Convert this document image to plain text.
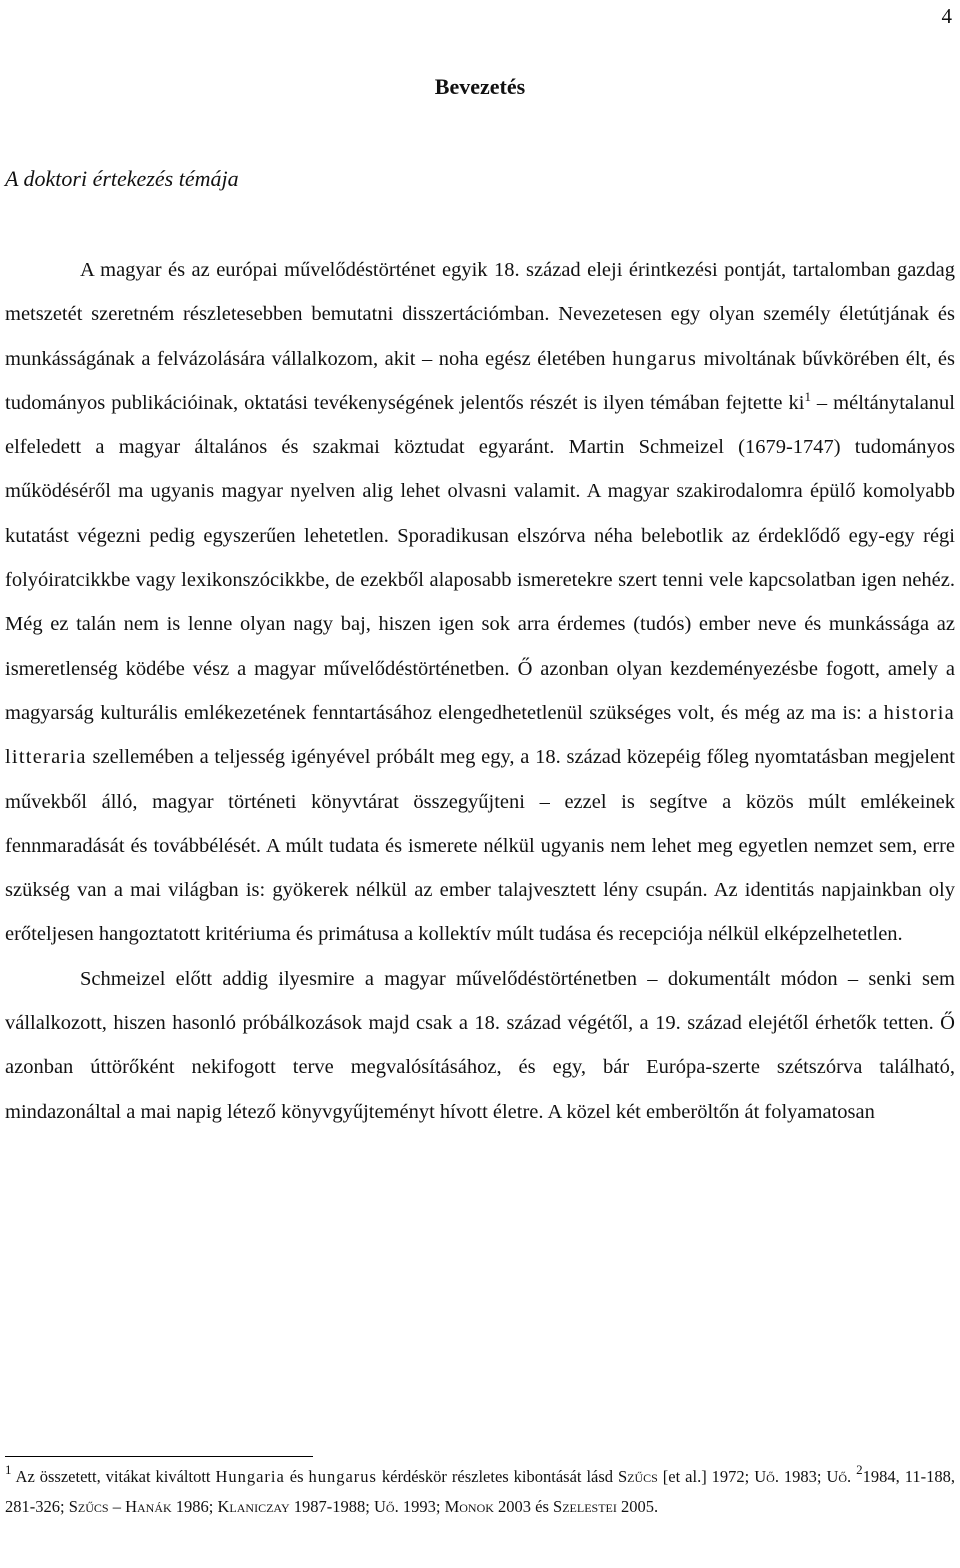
4
Bevezetés
A doktori értekezés témája

A magyar és az európai művelődéstörténet egyik 18. század eleji érintkezési pontját, tartalomban gazdag metszetét szeretném részletesebben bemutatni disszertációmban. Nevezetesen egy olyan személy életútjának és munkásságának a felvázolására vállalkozom, akit – noha egész életében hungarus mivoltának bűvkörében élt, és tudományos publikációinak, oktatási tevékenységének jelentős részét is ilyen témában fejtette $ki^1$ – méltánytalanul elfeledett a magyar általános és szakmai köztudat egyaránt. Martin Schmeizel (1679-1747) tudományos működéséről ma ugyanis magyar nyelven alig lehet olvasni valamit. A magyar szakirodalomra épülő komolyabb kutatást végezni pedig egyszerűen lehetetlen. Sporadikusan elszórva néha belebotlik az érdeklődő egy-egy régi folyóiratcikkbe vagy lexikonszócikkbe, de ezekből alaposabb ismeretekre szert tenni vele kapcsolatban igen nehéz. Még ez talán nem is lenne olyan nagy baj, hiszen igen sok arra érdemes (tudós) ember neve és munkássága az ismeretlenség ködébe vész a magyar művelődéstörténetben. Ő azonban olyan kezdeményezésbe fogott, amely a magyarság kulturális emlékezetének fenntartásához elengedhetetlenül szükséges volt, és még az ma is: a historia litteraria szellemében a teljesség igényével próbált meg egy, a 18. század közepéig főleg nyomtatásban megjelent művekből álló, magyar történeti könyvtárat összegyűjteni – ezzel is segítve a közös múlt emlékeinek fennmaradását és továbbélését. A múlt tudata és ismerete nélkül ugyanis nem lehet meg egyetlen nemzet sem, erre szükség van a mai világban is: gyökerek nélkül az ember talajvesztett lény csupán. Az identitás napjainkban oly erőteljesen hangoztatott kritériuma és primátusa a kollektív múlt tudása és recepciója nélkül elképzelhetetlen.

Schmeizel előtt addig ilyesmire a magyar művelődéstörténetben – dokumentált módon – senki sem vállalkozott, hiszen hasonló próbálkozások majd csak a 18. század végétől, a 19. század elejétől érhetők tetten. Ő azonban úttörőként nekifogott terve megvalósításához, és egy, bár Európa-szerte szétszórva található, mindazonáltal a mai napig létező könyvgyűjteményt hívott életre. A közel két emberöltőn át folyamatosan

$^1$ Az összetett, vitákat kiváltott Hungaria és hungarus kérdéskör részletes kibontását lásd Szűcs [et al.] 1972; Uő. 1983; Uő. $^2$1984, 11-188, 281-326; Szűcs – Hanák 1986; Klaniczay 1987-1988; Uő. 1993; Monok 2003 és Szelestei 2005.
